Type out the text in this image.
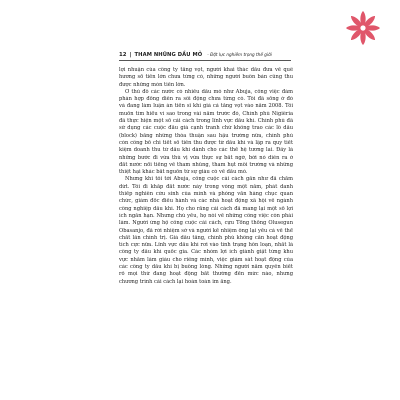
12 | THAM NHŨNG DẦU MỎ - Đột lực nghiêm trọng thế giới

lợi nhuận của công ty tăng vọt, người khai thác dầu đưa về quê

hương số tiền lớn chưa từng có, những người buôn bán cũng thu

được những món tiền lớn.

Ở thủ đô các nước có nhiều dầu mỏ như Abuja, công việc đàm

phán hợp đồng diễn ra sôi động chưa từng có. Tôi đã sống ở đó

và đang làm luận án tiến sĩ khi giá cả tăng vọt vào năm 2008. Tôi

muốn tìm hiểu vì sao trong vài năm trước đó, Chính phủ Nigiêria

đã thực hiện một số cải cách trong lĩnh vực dầu khí. Chính phủ đã

sử dụng các cuộc đấu giá cạnh tranh chứ không trao các lô dầu

(block) bằng những thỏa thuận sau hậu trường nữa, chính phủ

còn công bố chi tiết số tiền thu được từ dầu khí và lập ra quỹ tiết

kiệm doanh thu từ dầu khí dành cho các thế hệ tương lai. Đây là

những bước đi vừa thú vị vừa thực sự bất ngờ, bởi nó diễn ra ở

đất nước nổi tiếng về tham nhũng, tham hụt môi trường và những

thiệt hại khác bắt nguồn từ sự giàu có về dầu mỏ.

Nhưng khi tôi tới Abuja, công cuộc cải cách gần như đã chấm

dứt. Tôi đi khắp đất nước này trong vòng một năm, phát danh

thiếp nghiên cứu sinh của mình và phỏng vấn hàng chục quan

chức, giám đốc điều hành và các nhà hoạt động xã hội về ngành

công nghiệp dầu khí. Họ cho rằng cải cách đã mang lại một số lợi

ích ngắn hạn. Nhưng chủ yếu, họ nói về những công việc còn phải

làm. Người ứng hộ công cuộc cải cách, cựu Tổng thống Olusegun

Obasanjo, đã rời nhiệm sở và người kế nhiệm ông lại yếu cả về thể

chất lẫn chính trị. Giá dầu tăng, chính phủ không cần hoạt động

tích cực nữa. Lĩnh vực dầu khí rơi vào tình trạng hỗn loạn, nhất là

công ty dầu khí quốc gia. Các nhóm lợi ích giành giật từng khu

vực nhằm làm giàu cho riêng mình, việc giám sát hoạt động của

các công ty dầu khí bị buông lỏng. Những người nắm quyền biết

rõ mọi thứ đang hoạt động bất thường đến mức nào, nhưng

chương trình cải cách lại hoàn toàn im ắng.
